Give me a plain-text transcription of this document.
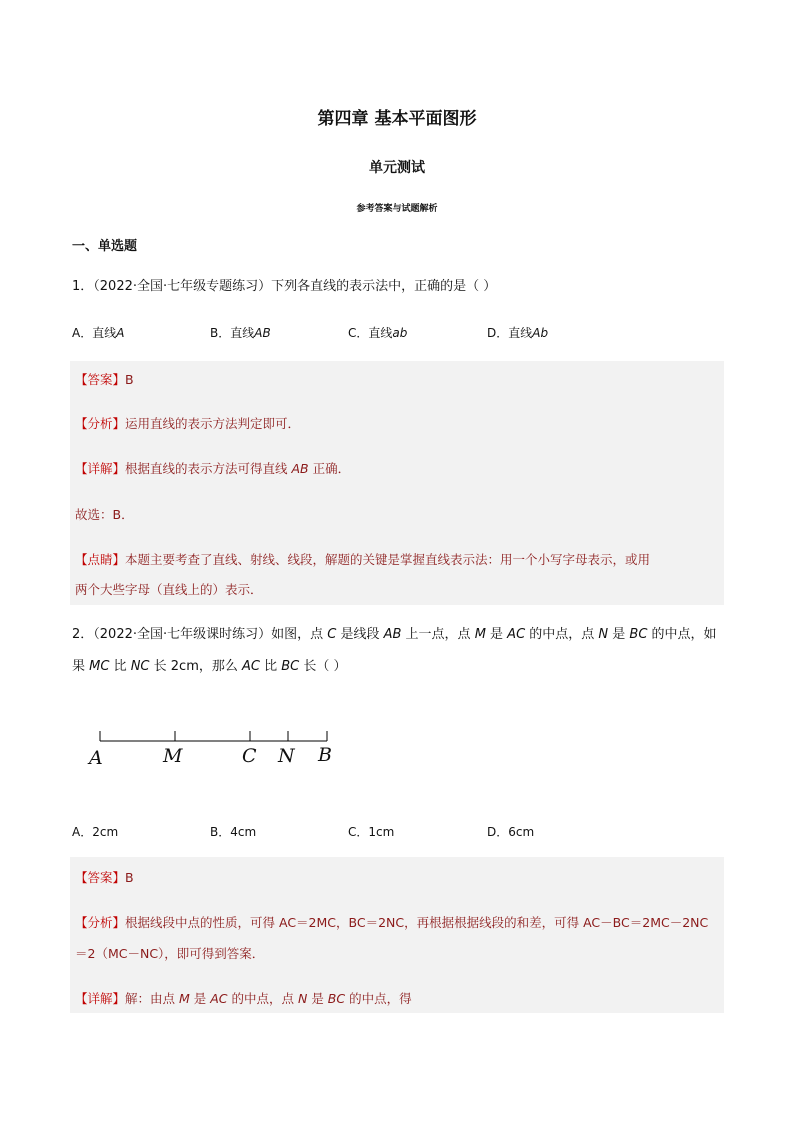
第四章 基本平面图形
单元测试
参考答案与试题解析
一、单选题
1．（2022·全国·七年级专题练习）下列各直线的表示法中，正确的是（ ）
A．直线A	B．直线AB	C．直线ab	D．直线Ab
【答案】B
【分析】运用直线的表示方法判定即可．
【详解】根据直线的表示方法可得直线 AB 正确．
故选：B．
【点睛】本题主要考查了直线、射线、线段，解题的关键是掌握直线表示法：用一个小写字母表示，或用
两个大些字母（直线上的）表示．
2．（2022·全国·七年级课时练习）如图，点 C 是线段 AB 上一点，点 M 是 AC 的中点，点 N 是 BC 的中点，如
果 MC 比 NC 长 2cm，那么 AC 比 BC 长（ ）
A	M	C N B
A．2cm	B．4cm	C．1cm	D．6cm
【答案】B
【分析】根据线段中点的性质，可得 AC＝2MC，BC＝2NC，再根据根据线段的和差，可得 AC－BC＝2MC－2NC
＝2（MC－NC），即可得到答案．
【详解】解：由点 M 是 AC 的中点，点 N 是 BC 的中点，得
